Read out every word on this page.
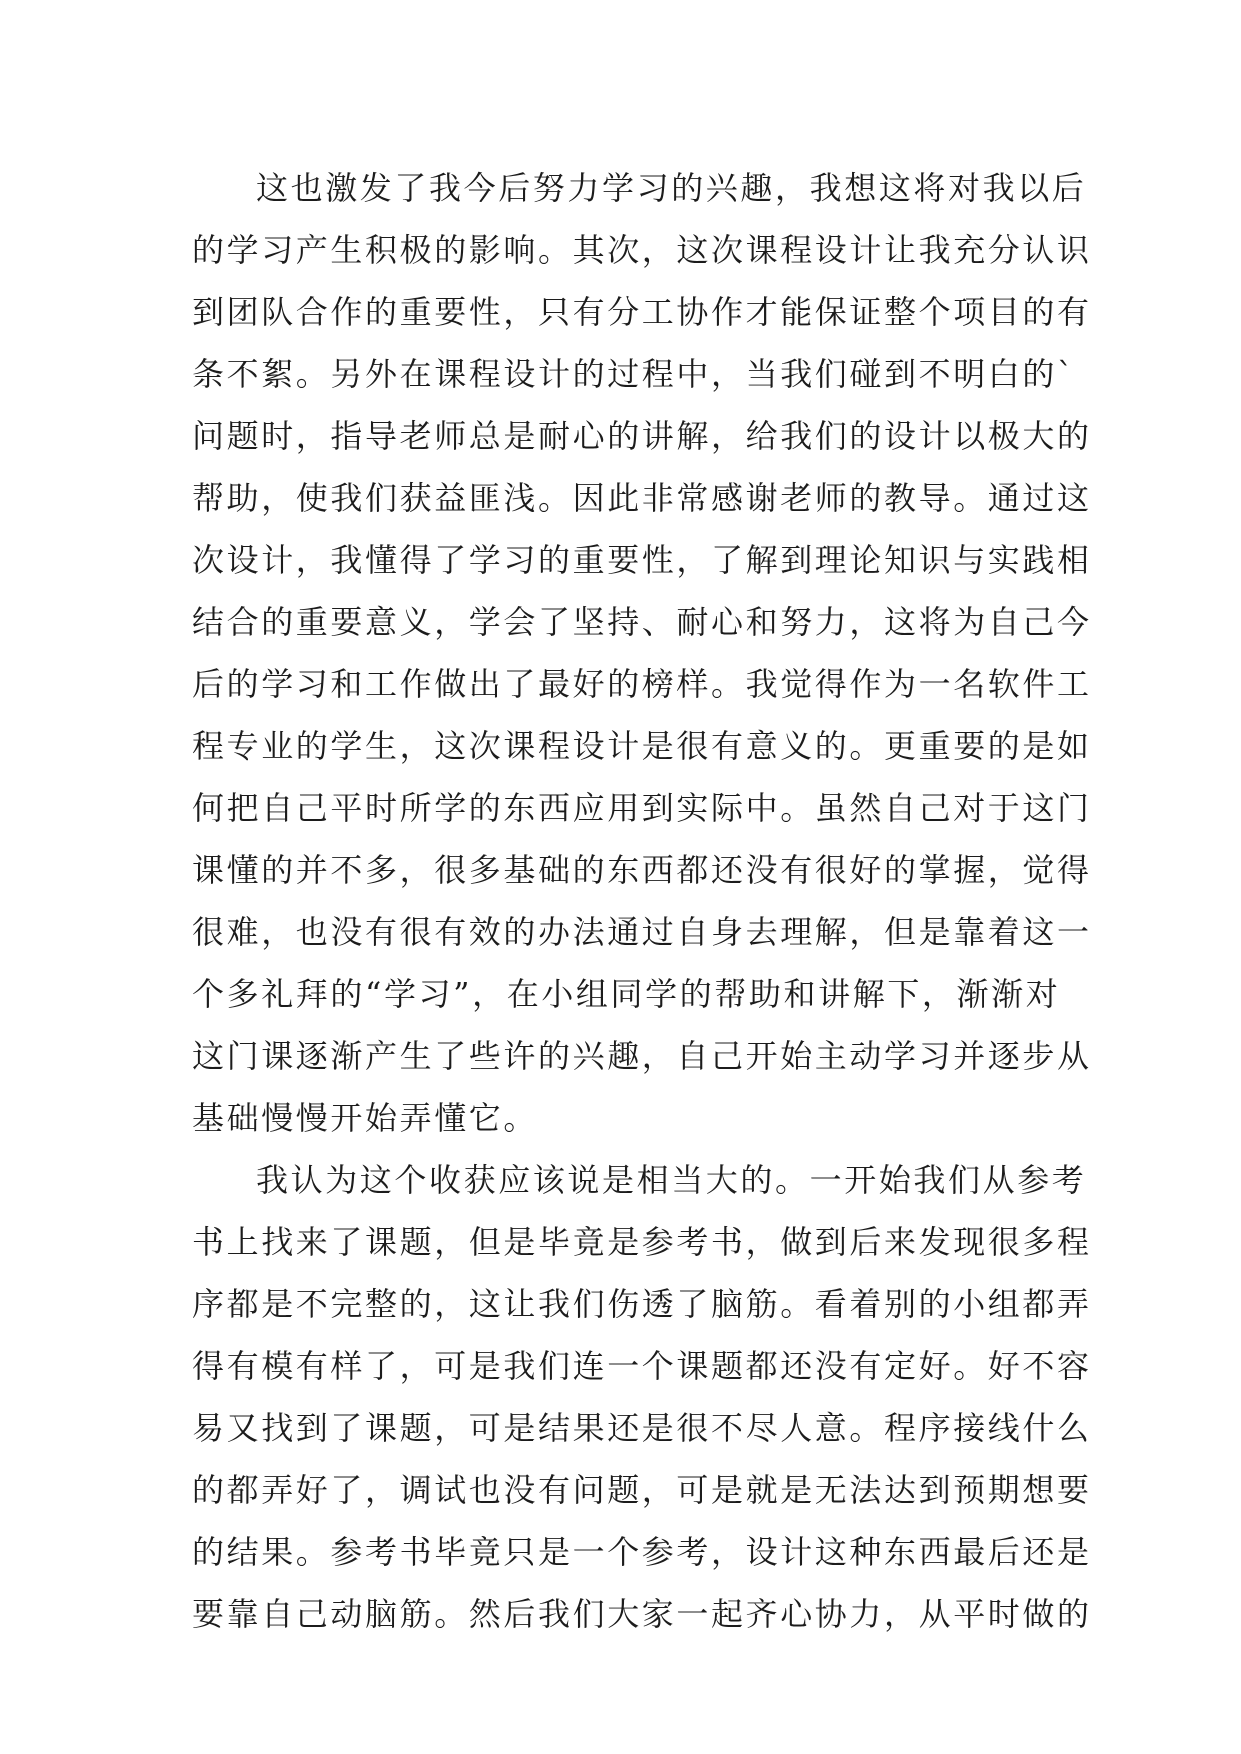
这也激发了我今后努力学习的兴趣，我想这将对我以后
的学习产生积极的影响。其次，这次课程设计让我充分认识
到团队合作的重要性，只有分工协作才能保证整个项目的有
条不絮。另外在课程设计的过程中，当我们碰到不明白的`
问题时，指导老师总是耐心的讲解，给我们的设计以极大的
帮助，使我们获益匪浅。因此非常感谢老师的教导。通过这
次设计，我懂得了学习的重要性，了解到理论知识与实践相
结合的重要意义，学会了坚持、耐心和努力，这将为自己今
后的学习和工作做出了最好的榜样。我觉得作为一名软件工
程专业的学生，这次课程设计是很有意义的。更重要的是如
何把自己平时所学的东西应用到实际中。虽然自己对于这门
课懂的并不多，很多基础的东西都还没有很好的掌握，觉得
很难，也没有很有效的办法通过自身去理解，但是靠着这一
个多礼拜的“学习”，在小组同学的帮助和讲解下，渐渐对
这门课逐渐产生了些许的兴趣，自己开始主动学习并逐步从
基础慢慢开始弄懂它。
我认为这个收获应该说是相当大的。一开始我们从参考
书上找来了课题，但是毕竟是参考书，做到后来发现很多程
序都是不完整的，这让我们伤透了脑筋。看着别的小组都弄
得有模有样了，可是我们连一个课题都还没有定好。好不容
易又找到了课题，可是结果还是很不尽人意。程序接线什么
的都弄好了，调试也没有问题，可是就是无法达到预期想要
的结果。参考书毕竟只是一个参考，设计这种东西最后还是
要靠自己动脑筋。然后我们大家一起齐心协力，从平时做的
